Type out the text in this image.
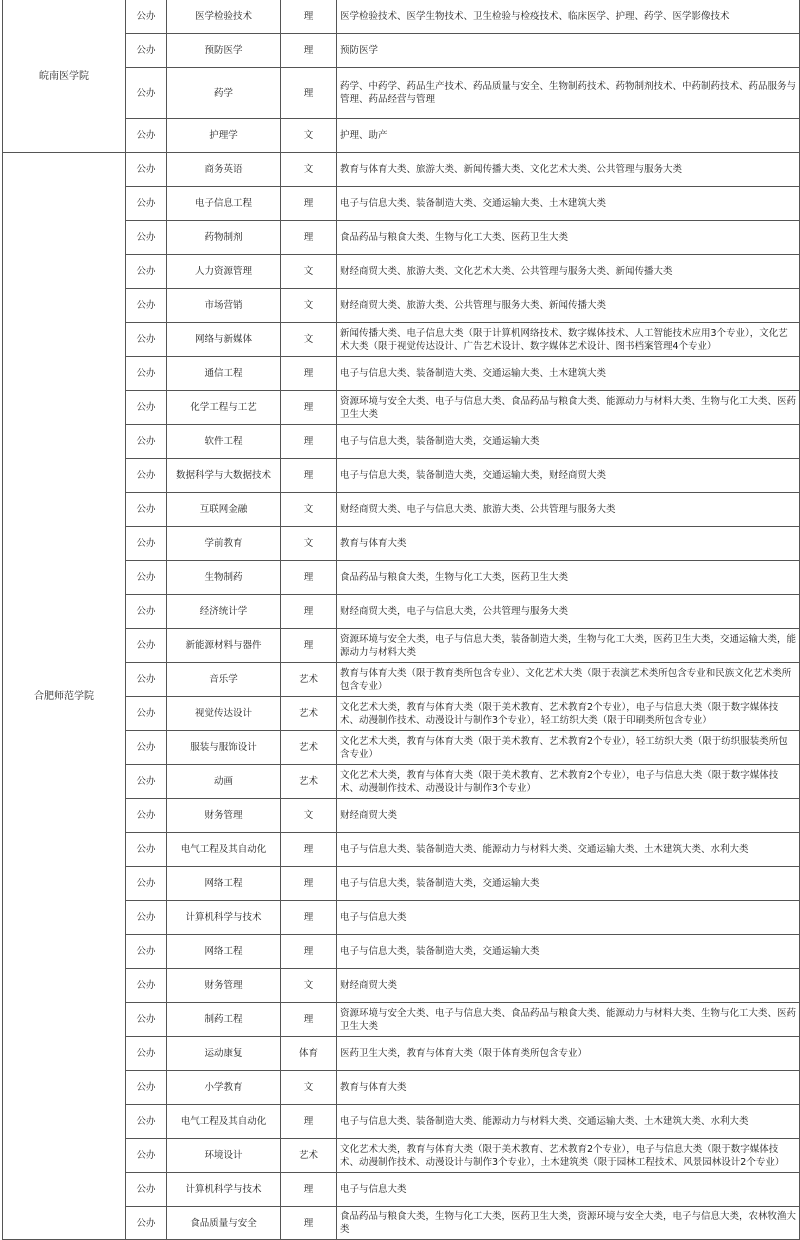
皖南医学院	公办	医学检验技术	理	医学检验技术、医学生物技术、卫生检验与检疫技术、临床医学、护理、药学、医学影像技术
	公办	预防医学	理	预防医学
	公办	药学	理	药学、中药学、药品生产技术、药品质量与安全、生物制药技术、药物制剂技术、中药制药技术、药品服务与管理、药品经营与管理
	公办	护理学	文	护理、助产
合肥师范学院	公办	商务英语	文	教育与体育大类、旅游大类、新闻传播大类、文化艺术大类、公共管理与服务大类
	公办	电子信息工程	理	电子与信息大类、装备制造大类、交通运输大类、土木建筑大类
	公办	药物制剂	理	食品药品与粮食大类、生物与化工大类、医药卫生大类
	公办	人力资源管理	文	财经商贸大类、旅游大类、文化艺术大类、公共管理与服务大类、新闻传播大类
	公办	市场营销	文	财经商贸大类、旅游大类、公共管理与服务大类、新闻传播大类
	公办	网络与新媒体	文	新闻传播大类、电子信息大类（限于计算机网络技术、数字媒体技术、人工智能技术应用3个专业），文化艺术大类（限于视觉传达设计、广告艺术设计、数字媒体艺术设计、图书档案管理4个专业）
	公办	通信工程	理	电子与信息大类、装备制造大类、交通运输大类、土木建筑大类
	公办	化学工程与工艺	理	资源环境与安全大类、电子与信息大类、食品药品与粮食大类、能源动力与材料大类、生物与化工大类、医药卫生大类
	公办	软件工程	理	电子与信息大类，装备制造大类，交通运输大类
	公办	数据科学与大数据技术	理	电子与信息大类，装备制造大类，交通运输大类，财经商贸大类
	公办	互联网金融	文	财经商贸大类、电子与信息大类、旅游大类、公共管理与服务大类
	公办	学前教育	文	教育与体育大类
	公办	生物制药	理	食品药品与粮食大类，生物与化工大类，医药卫生大类
	公办	经济统计学	理	财经商贸大类，电子与信息大类，公共管理与服务大类
	公办	新能源材料与器件	理	资源环境与安全大类，电子与信息大类，装备制造大类，生物与化工大类，医药卫生大类，交通运输大类，能源动力与材料大类
	公办	音乐学	艺术	教育与体育大类（限于教育类所包含专业）、文化艺术大类（限于表演艺术类所包含专业和民族文化艺术类所包含专业）
	公办	视觉传达设计	艺术	文化艺术大类，教育与体育大类（限于美术教育、艺术教育2个专业），电子与信息大类（限于数字媒体技术、动漫制作技术、动漫设计与制作3个专业），轻工纺织大类（限于印刷类所包含专业）
	公办	服装与服饰设计	艺术	文化艺术大类，教育与体育大类（限于美术教育、艺术教育2个专业），轻工纺织大类（限于纺织服装类所包含专业）
	公办	动画	艺术	文化艺术大类，教育与体育大类（限于美术教育、艺术教育2个专业），电子与信息大类（限于数字媒体技术、动漫制作技术、动漫设计与制作3个专业）
	公办	财务管理	文	财经商贸大类
	公办	电气工程及其自动化	理	电子与信息大类、装备制造大类、能源动力与材料大类、交通运输大类、土木建筑大类、水利大类
	公办	网络工程	理	电子与信息大类，装备制造大类，交通运输大类
	公办	计算机科学与技术	理	电子与信息大类
	公办	网络工程	理	电子与信息大类，装备制造大类，交通运输大类
	公办	财务管理	文	财经商贸大类
	公办	制药工程	理	资源环境与安全大类、电子与信息大类、食品药品与粮食大类、能源动力与材料大类、生物与化工大类、医药卫生大类
	公办	运动康复	体育	医药卫生大类，教育与体育大类（限于体育类所包含专业）
	公办	小学教育	文	教育与体育大类
	公办	电气工程及其自动化	理	电子与信息大类、装备制造大类、能源动力与材料大类、交通运输大类、土木建筑大类、水利大类
	公办	环境设计	艺术	文化艺术大类，教育与体育大类（限于美术教育、艺术教育2个专业），电子与信息大类（限于数字媒体技术、动漫制作技术、动漫设计与制作3个专业），土木建筑类（限于园林工程技术、风景园林设计2个专业）
	公办	计算机科学与技术	理	电子与信息大类
	公办	食品质量与安全	理	食品药品与粮食大类，生物与化工大类，医药卫生大类，资源环境与安全大类，电子与信息大类，农林牧渔大类
